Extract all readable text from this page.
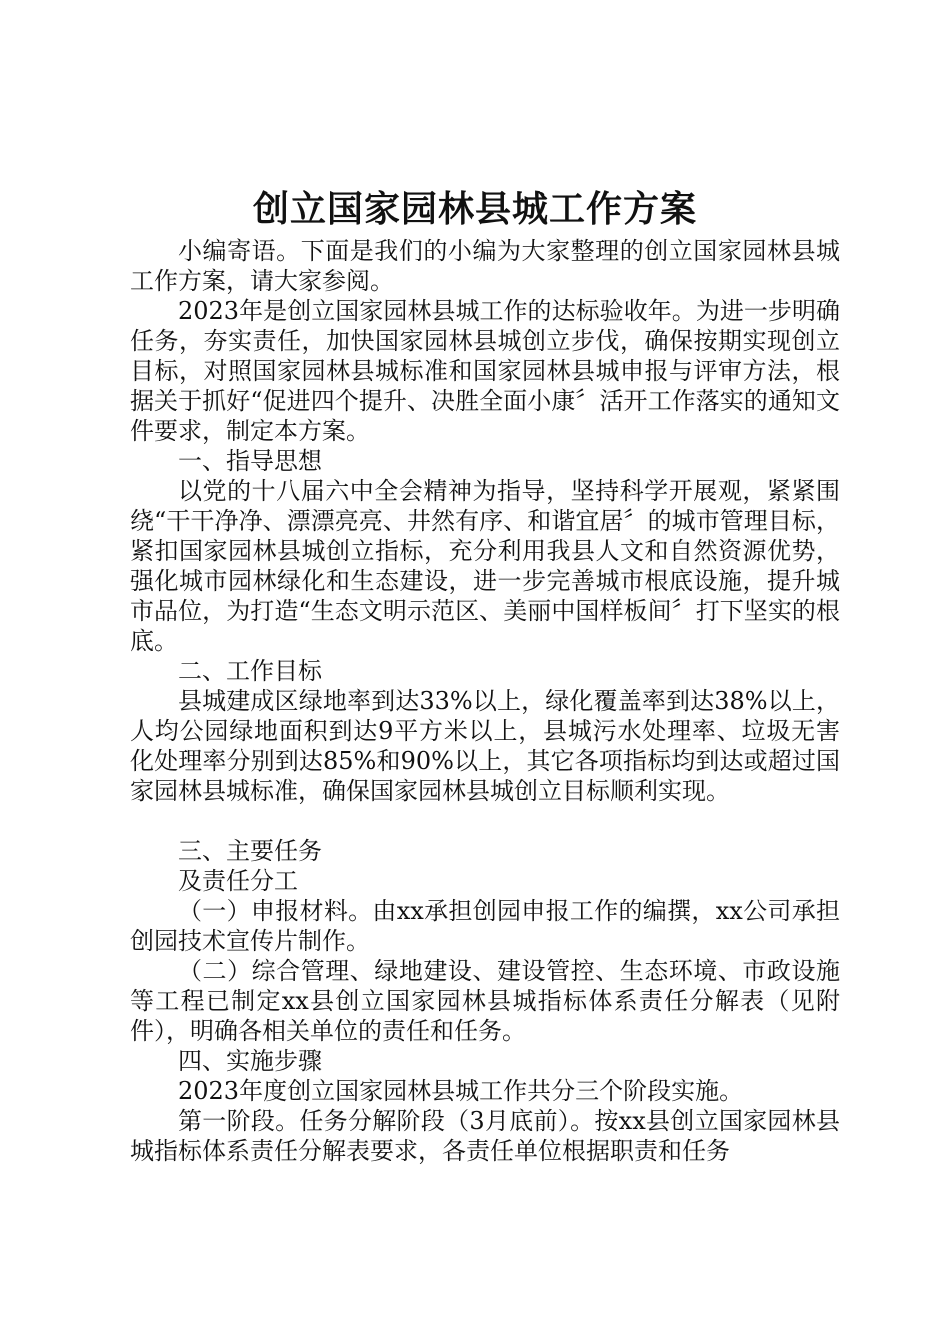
创立国家园林县城工作方案

小编寄语。下面是我们的小编为大家整理的创立国家园林县城工作方案，请大家参阅。

2023年是创立国家园林县城工作的达标验收年。为进一步明确任务，夯实责任，加快国家园林县城创立步伐，确保按期实现创立目标，对照国家园林县城标准和国家园林县城申报与评审方法，根据关于抓好“促进四个提升、决胜全面小康〞活开工作落实的通知文件要求，制定本方案。

一、指导思想

以党的十八届六中全会精神为指导，坚持科学开展观，紧紧围绕“干干净净、漂漂亮亮、井然有序、和谐宜居〞的城市管理目标，紧扣国家园林县城创立指标，充分利用我县人文和自然资源优势，强化城市园林绿化和生态建设，进一步完善城市根底设施，提升城市品位，为打造“生态文明示范区、美丽中国样板间〞打下坚实的根底。

二、工作目标

县城建成区绿地率到达33%以上，绿化覆盖率到达38%以上，人均公园绿地面积到达9平方米以上，县城污水处理率、垃圾无害化处理率分别到达85%和90%以上，其它各项指标均到达或超过国家园林县城标准，确保国家园林县城创立目标顺利实现。

三、主要任务

及责任分工

（一）申报材料。由xx承担创园申报工作的编撰，xx公司承担创园技术宣传片制作。

（二）综合管理、绿地建设、建设管控、生态环境、市政设施等工程已制定xx县创立国家园林县城指标体系责任分解表（见附件），明确各相关单位的责任和任务。

四、实施步骤

2023年度创立国家园林县城工作共分三个阶段实施。

第一阶段。任务分解阶段（3月底前）。按xx县创立国家园林县城指标体系责任分解表要求，各责任单位根据职责和任务
